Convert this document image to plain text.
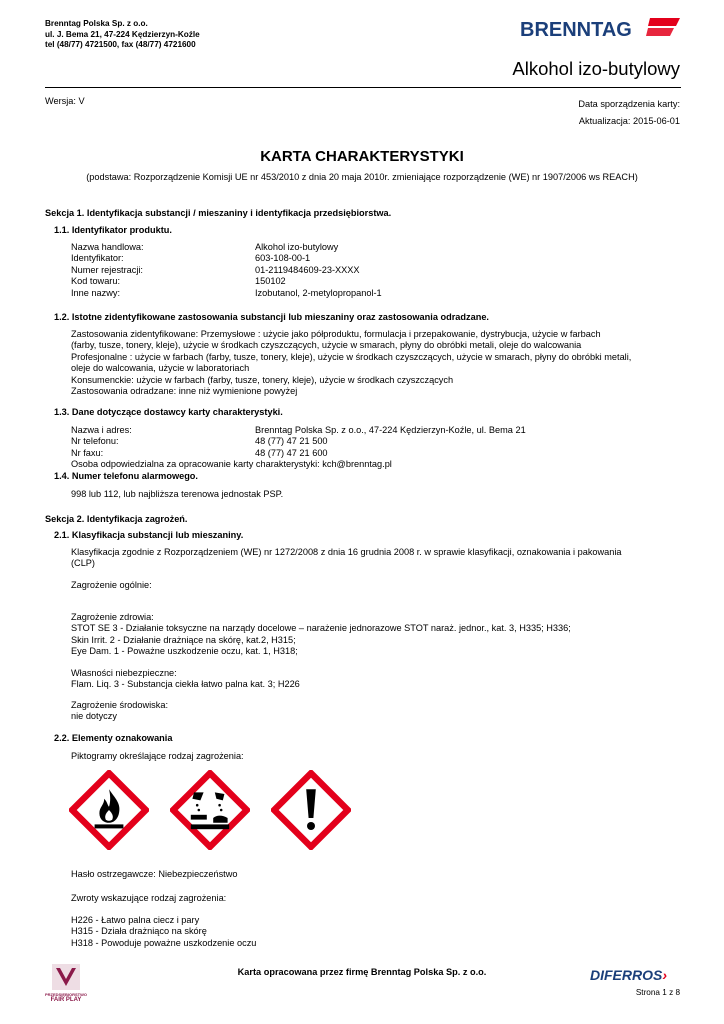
Brenntag Polska Sp. z o.o.
ul. J. Bema 21, 47-224 Kędzierzyn-Koźle
tel (48/77) 4721500, fax (48/77) 4721600
BRENNTAG
Alkohol izo-butylowy
Wersja: V	Data sporządzenia karty:
Aktualizacja: 2015-06-01
KARTA CHARAKTERYSTYKI
(podstawa: Rozporządzenie Komisji UE nr 453/2010 z dnia 20 maja 2010r. zmieniające rozporządzenie (WE) nr 1907/2006 ws REACH)
Sekcja 1. Identyfikacja substancji / mieszaniny i identyfikacja przedsiębiorstwa.
1.1. Identyfikator produktu.
Nazwa handlowa:	Alkohol izo-butylowy
Identyfikator:	603-108-00-1
Numer rejestracji:	01-2119484609-23-XXXX
Kod towaru:	150102
Inne nazwy:	Izobutanol, 2-metylopropanol-1
1.2. Istotne zidentyfikowane zastosowania substancji lub mieszaniny oraz zastosowania odradzane.
Zastosowania zidentyfikowane: Przemysłowe : użycie jako półproduktu, formulacja i przepakowanie, dystrybucja, użycie w farbach
(farby, tusze, tonery, kleje), użycie w środkach czyszczących, użycie w smarach, płyny do obróbki metali, oleje do walcowania
Profesjonalne : użycie w farbach (farby, tusze, tonery, kleje), użycie w środkach czyszczących, użycie w smarach, płyny do obróbki metali,
oleje do walcowania, użycie w laboratoriach
Konsumenckie: użycie w farbach (farby, tusze, tonery, kleje), użycie w środkach czyszczących
Zastosowania odradzane: inne niż wymienione powyżej
1.3. Dane dotyczące dostawcy karty charakterystyki.
Nazwa i adres:	Brenntag Polska Sp. z o.o., 47-224 Kędzierzyn-Koźle, ul. Bema 21
Nr telefonu:	48 (77) 47 21 500
Nr faxu:	48 (77) 47 21 600
Osoba odpowiedzialna za opracowanie karty charakterystyki: kch@brenntag.pl
1.4. Numer telefonu alarmowego.
998 lub 112, lub najbliższa terenowa jednostak PSP.
Sekcja 2. Identyfikacja zagrożeń.
2.1. Klasyfikacja substancji lub mieszaniny.
Klasyfikacja zgodnie z Rozporządzeniem (WE) nr 1272/2008 z dnia 16 grudnia 2008 r. w sprawie klasyfikacji, oznakowania i pakowania
(CLP)
Zagrożenie ogólnie:
Zagrożenie zdrowia:
STOT SE 3 - Działanie toksyczne na narządy docelowe – narażenie jednorazowe STOT naraż. jednor., kat. 3, H335; H336;
Skin Irrit. 2 - Działanie drażniące na skórę, kat.2, H315;
Eye Dam. 1 - Poważne uszkodzenie oczu, kat. 1, H318;
Własności niebezpieczne:
Flam. Liq. 3 - Substancja ciekła łatwo palna kat. 3; H226
Zagrożenie środowiska:
nie dotyczy
2.2. Elementy oznakowania
Piktogramy określające rodzaj zagrożenia:
Hasło ostrzegawcze: Niebezpieczeństwo
Zwroty wskazujące rodzaj zagrożenia:
H226 - Łatwo palna ciecz i pary
H315 - Działa drażniąco na skórę
H318 - Powoduje poważne uszkodzenie oczu
PRZEDSIĘBIORSTWO
FAIR PLAY
Karta opracowana przez firmę Brenntag Polska Sp. z o.o.	DIFERROS›
Strona 1 z 8
